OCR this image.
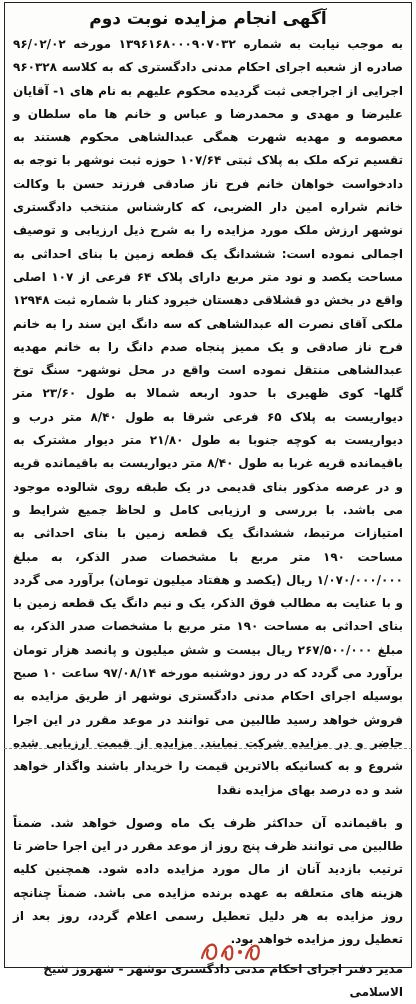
آگهی انجام مزایده نوبت دوم
به موجب نیابت به شماره ۱۳۹۶۱۶۸۰۰۰۹۰۷۰۳۲ مورخه ۹۶/۰۲/۰۲ صادره از شعبه اجرای احکام مدنی دادگستری که به کلاسه ۹۶۰۳۲۸ اجرایی از اجراجعی ثبت گردیده محکوم علیهم به نام های ۱- آقایان علیرضا و مهدی و محمدرضا و عباس و خانم ها ماه سلطان و معصومه و مهدیه شهرت همگی عبدالشاهی محکوم هستند به تقسیم ترکه ملک به پلاک ثبتی ۱۰۷/۶۴ حوزه ثبت نوشهر با توجه به دادخواست خواهان خانم فرح ناز صادقی فرزند حسن با وکالت خانم شراره امین دار الضربی، که کارشناس منتخب دادگستری نوشهر ارزش ملک مورد مزایده را به شرح ذیل ارزیابی و توصیف اجمالی نموده است: ششدانگ یک قطعه زمین با بنای احداثی به مساحت یکصد و نود متر مربع دارای پلاک ۶۴ فرعی از ۱۰۷ اصلی واقع در بخش دو قشلاقی دهستان خیرود کنار با شماره ثبت ۱۲۹۴۸ ملکی آقای نصرت اله عبدالشاهی که سه دانگ این سند را به خانم فرح ناز صادقی و یک ممیز پنجاه صدم دانگ را به خانم مهدیه عبدالشاهی منتقل نموده است واقع در محل نوشهر- سنگ توخ گلها- کوی ظهیری با حدود اربعه شمالا به طول ۲۳/۶۰ متر دیواریست به پلاک ۶۵ فرعی شرقا به طول ۸/۴۰ متر درب و دیواریست به کوچه جنوبا به طول ۲۱/۸۰ متر دیوار مشترک به باقیمانده قریه غربا به طول ۸/۴۰ متر دیواریست به باقیمانده قریه و در عرصه مذکور بنای قدیمی در یک طبقه روی شالوده موجود می باشد. با بررسی و ارزیابی کامل و لحاظ جمیع شرایط و امتیازات مرتبط، ششدانگ یک قطعه زمین با بنای احداثی به مساحت ۱۹۰ متر مربع با مشخصات صدر الذکر، به مبلغ ۱/۰۷۰/۰۰۰/۰۰۰ ریال (یکصد و هفتاد میلیون تومان) برآورد می گردد و با عنایت به مطالب فوق الذکر، یک و نیم دانگ یک قطعه زمین با بنای احداثی به مساحت ۱۹۰ متر مربع با مشخصات صدر الذکر، به مبلغ ۲۶۷/۵۰۰/۰۰۰ ریال بیست و شش میلیون و پانصد هزار تومان برآورد می گردد که در روز دوشنبه مورخه ۹۷/۰۸/۱۴ ساعت ۱۰ صبح بوسیله اجرای احکام مدنی دادگستری نوشهر از طریق مزایده به فروش خواهد رسید طالبین می توانند در موعد مقرر در این اجرا حاضر و در مزایده شرکت نمایند. مزایده از قیمت ارزیابی شده شروع و به کسانیکه بالاترین قیمت را خریدار باشند واگذار خواهد شد و ده درصد بهای مزایده نقدا
و باقیمانده آن حداکثر ظرف یک ماه وصول خواهد شد. ضمناً طالبین می توانند ظرف پنج روز از موعد مقرر در این اجرا حاضر تا ترتیب بازدید آنان از مال مورد مزایده داده شود. همچنین کلیه هزینه های متعلقه به عهده برنده مزایده می باشد. ضمناً چنانچه روز مزایده به هر دلیل تعطیل رسمی اعلام گردد، روز بعد از تعطیل روز مزایده خواهد بود.
مدیر دفتر اجرای احکام مدنی دادگستری نوشهر - شهروز شیخ الاسلامی
